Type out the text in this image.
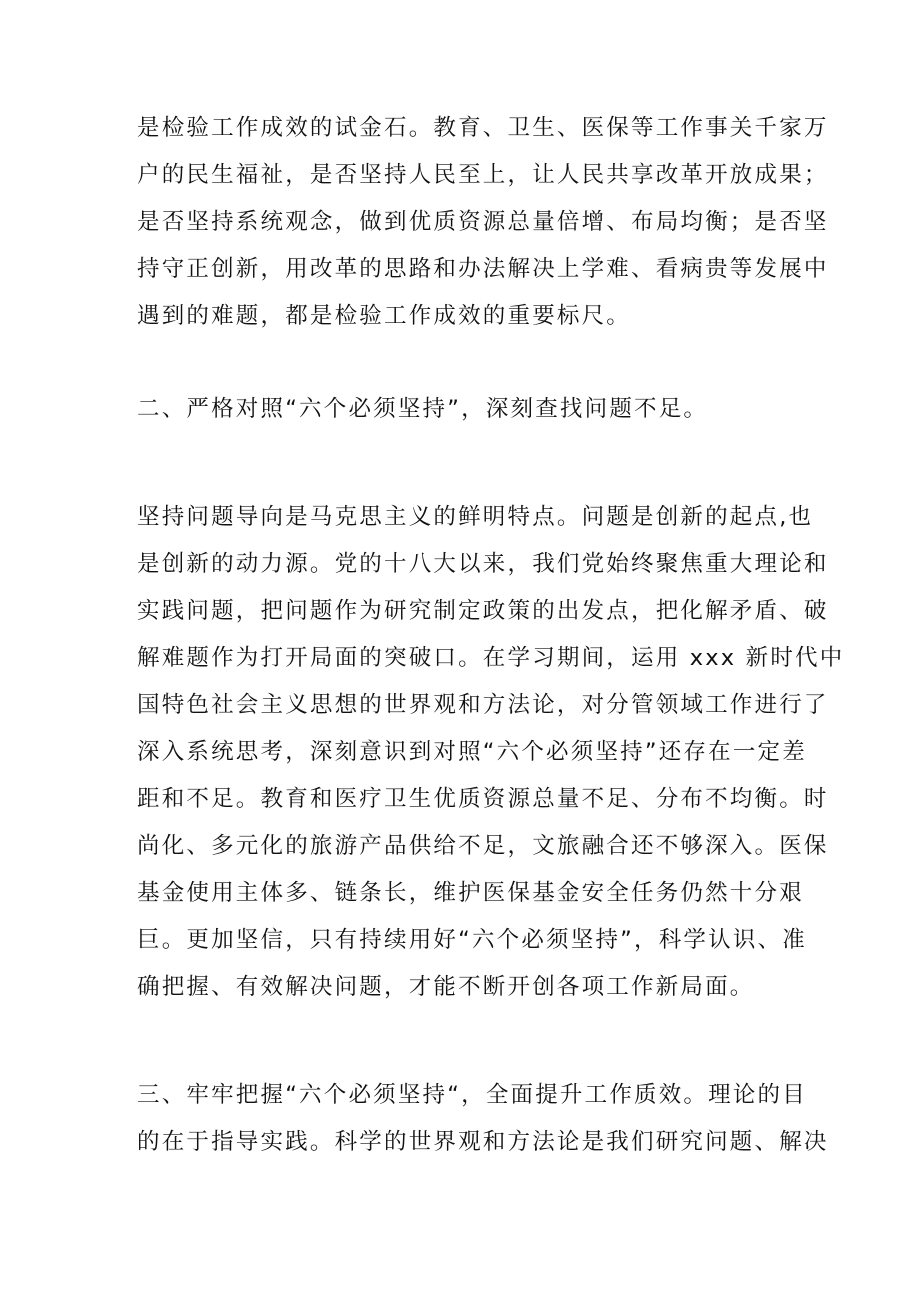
是检验工作成效的试金石。教育、卫生、医保等工作事关千家万
户的民生福祉，是否坚持人民至上，让人民共享改革开放成果；
是否坚持系统观念，做到优质资源总量倍增、布局均衡；是否坚
持守正创新，用改革的思路和办法解决上学难、看病贵等发展中
遇到的难题，都是检验工作成效的重要标尺。
二、严格对照“六个必须坚持”，深刻查找问题不足。
坚持问题导向是马克思主义的鲜明特点。问题是创新的起点,也
是创新的动力源。党的十八大以来，我们党始终聚焦重大理论和
实践问题，把问题作为研究制定政策的出发点，把化解矛盾、破
解难题作为打开局面的突破口。在学习期间，运用 xxx 新时代中
国特色社会主义思想的世界观和方法论，对分管领域工作进行了
深入系统思考，深刻意识到对照“六个必须坚持”还存在一定差
距和不足。教育和医疗卫生优质资源总量不足、分布不均衡。时
尚化、多元化的旅游产品供给不足，文旅融合还不够深入。医保
基金使用主体多、链条长，维护医保基金安全任务仍然十分艰
巨。更加坚信，只有持续用好“六个必须坚持”，科学认识、准
确把握、有效解决问题，才能不断开创各项工作新局面。
三、牢牢把握“六个必须坚持“，全面提升工作质效。理论的目
的在于指导实践。科学的世界观和方法论是我们研究问题、解决
